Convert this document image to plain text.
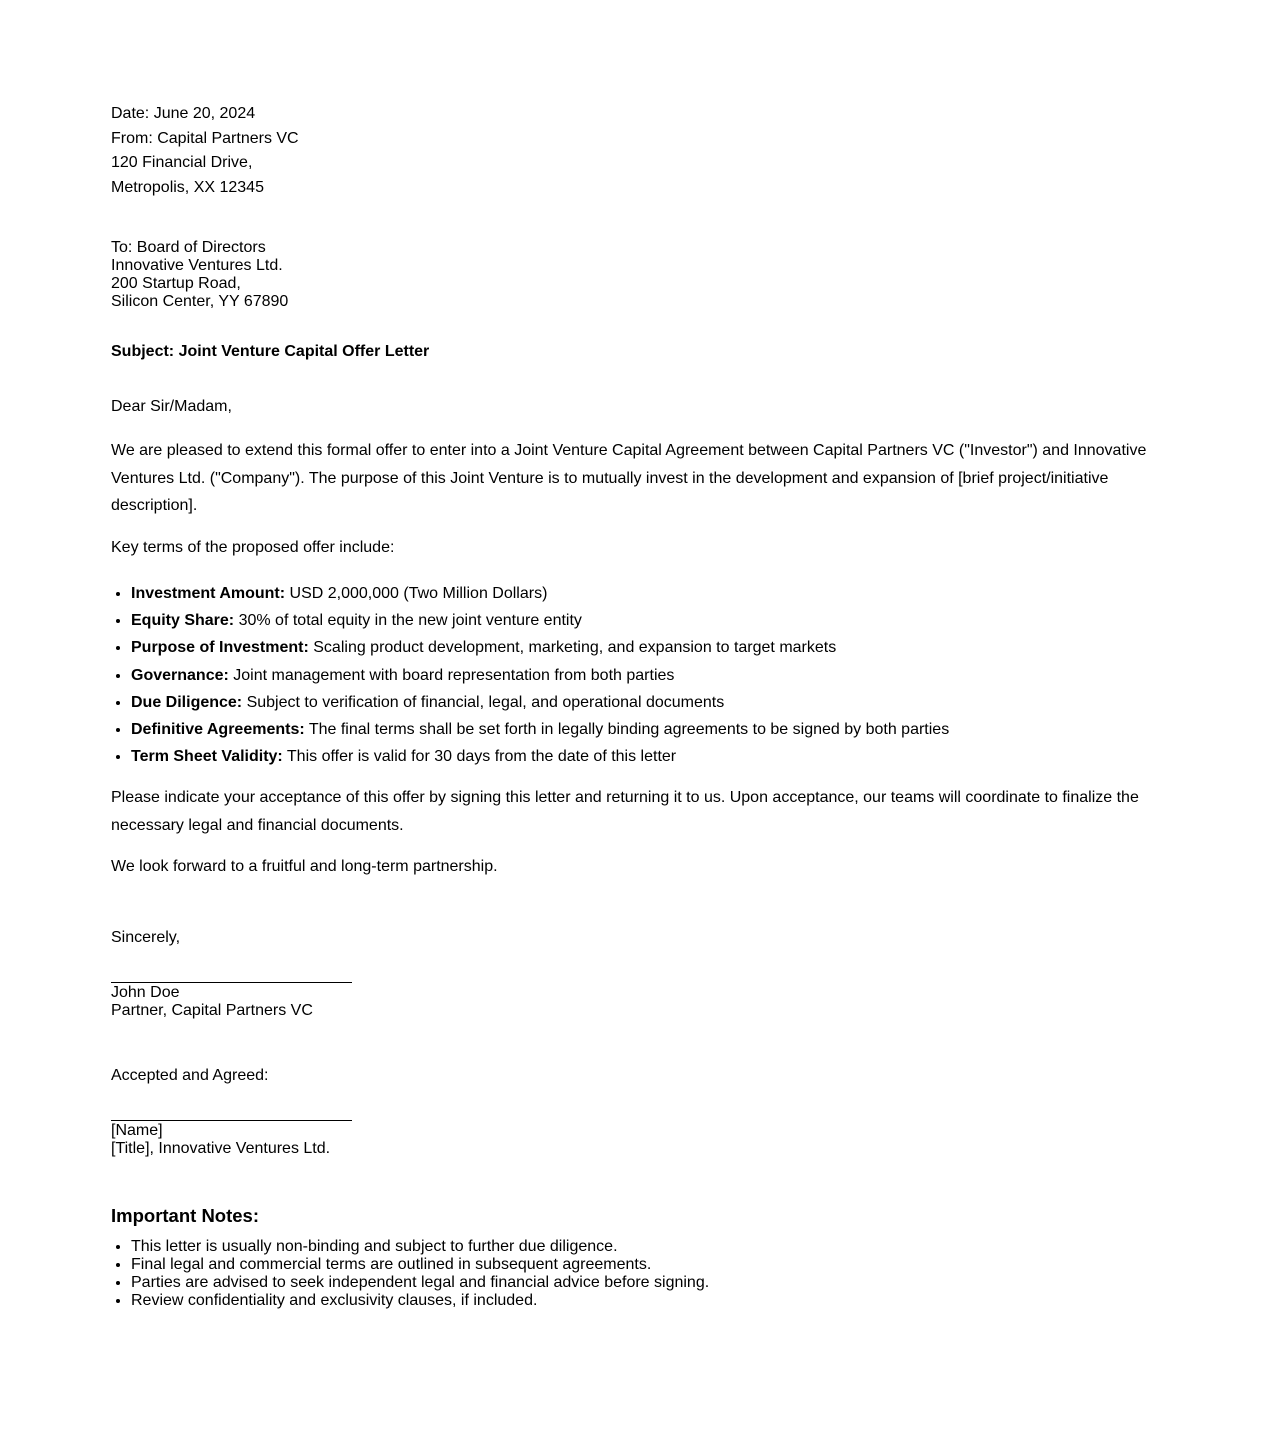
Date: June 20, 2024
From: Capital Partners VC
120 Financial Drive,
Metropolis, XX 12345
To: Board of Directors
Innovative Ventures Ltd.
200 Startup Road,
Silicon Center, YY 67890
Subject: Joint Venture Capital Offer Letter
Dear Sir/Madam,

We are pleased to extend this formal offer to enter into a Joint Venture Capital Agreement between Capital Partners VC ("Investor") and Innovative Ventures Ltd. ("Company"). The purpose of this Joint Venture is to mutually invest in the development and expansion of [brief project/initiative description].

Key terms of the proposed offer include:
• Investment Amount: USD 2,000,000 (Two Million Dollars)
• Equity Share: 30% of total equity in the new joint venture entity
• Purpose of Investment: Scaling product development, marketing, and expansion to target markets
• Governance: Joint management with board representation from both parties
• Due Diligence: Subject to verification of financial, legal, and operational documents
• Definitive Agreements: The final terms shall be set forth in legally binding agreements to be signed by both parties
• Term Sheet Validity: This offer is valid for 30 days from the date of this letter

Please indicate your acceptance of this offer by signing this letter and returning it to us. Upon acceptance, our teams will coordinate to finalize the necessary legal and financial documents.

We look forward to a fruitful and long-term partnership.
Sincerely,
John Doe
Partner, Capital Partners VC
Accepted and Agreed:
[Name]
[Title], Innovative Ventures Ltd.
Important Notes:
• This letter is usually non-binding and subject to further due diligence.
• Final legal and commercial terms are outlined in subsequent agreements.
• Parties are advised to seek independent legal and financial advice before signing.
• Review confidentiality and exclusivity clauses, if included.
